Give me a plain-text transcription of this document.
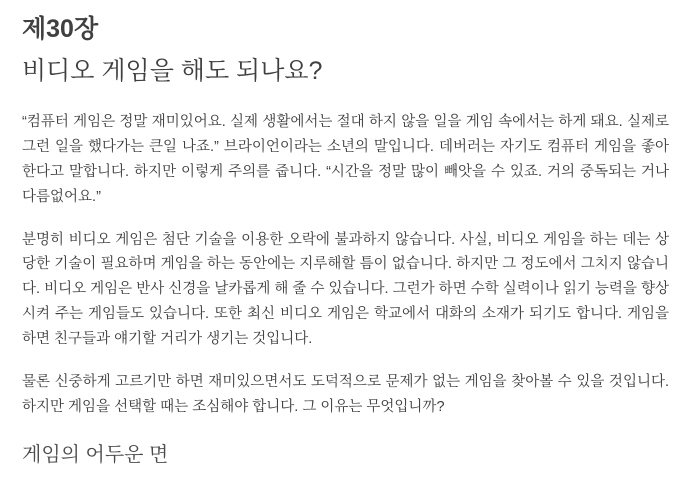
제30장
비디오 게임을 해도 되나요?

“컴퓨터 게임은 정말 재미있어요. 실제 생활에서는 절대 하지 않을 일을 게임 속에서는 하게 돼요. 실제로 그런 일을 했다가는 큰일 나죠.” 브라이언이라는 소년의 말입니다. 데버러는 자기도 컴퓨터 게임을 좋아한다고 말합니다. 하지만 이렇게 주의를 줍니다. “시간을 정말 많이 빼앗을 수 있죠. 거의 중독되는 거나 다름없어요.”

분명히 비디오 게임은 첨단 기술을 이용한 오락에 불과하지 않습니다. 사실, 비디오 게임을 하는 데는 상당한 기술이 필요하며 게임을 하는 동안에는 지루해할 틈이 없습니다. 하지만 그 정도에서 그치지 않습니다. 비디오 게임은 반사 신경을 날카롭게 해 줄 수 있습니다. 그런가 하면 수학 실력이나 읽기 능력을 향상시켜 주는 게임들도 있습니다. 또한 최신 비디오 게임은 학교에서 대화의 소재가 되기도 합니다. 게임을 하면 친구들과 얘기할 거리가 생기는 것입니다.

물론 신중하게 고르기만 하면 재미있으면서도 도덕적으로 문제가 없는 게임을 찾아볼 수 있을 것입니다. 하지만 게임을 선택할 때는 조심해야 합니다. 그 이유는 무엇입니까?

게임의 어두운 면
